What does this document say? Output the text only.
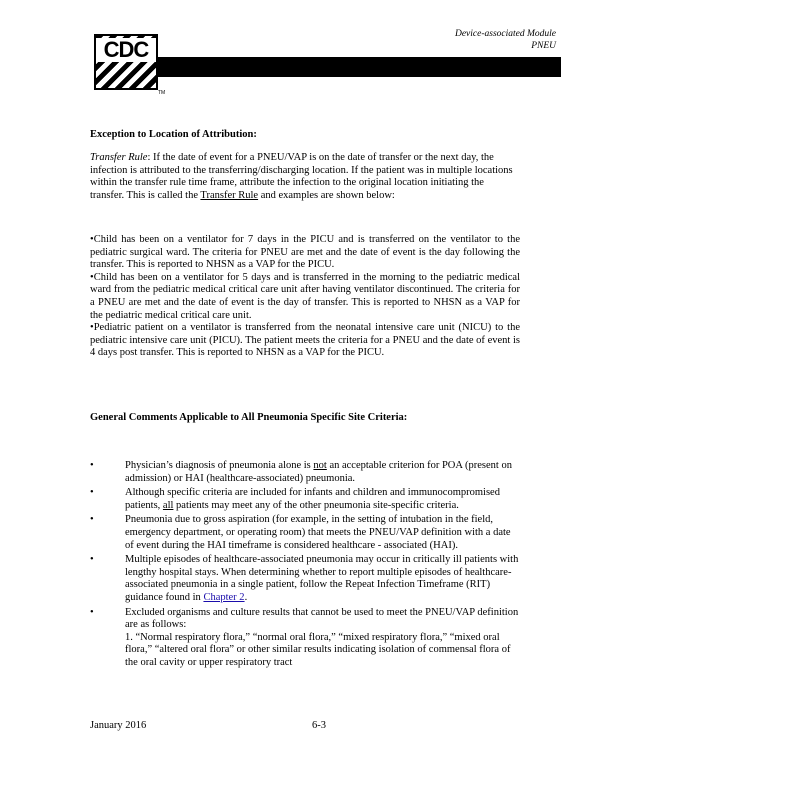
CDC
TM
Device-associated Module
PNEU
Exception to Location of Attribution:
Transfer Rule: If the date of event for a PNEU/VAP is on the date of transfer or the next day, the infection is attributed to the transferring/discharging location. If the patient was in multiple locations within the transfer rule time frame, attribute the infection to the original location initiating the transfer. This is called the Transfer Rule and examples are shown below:
•Child has been on a ventilator for 7 days in the PICU and is transferred on the ventilator to the pediatric surgical ward. The criteria for PNEU are met and the date of event is the day following the transfer. This is reported to NHSN as a VAP for the PICU.
•Child has been on a ventilator for 5 days and is transferred in the morning to the pediatric medical ward from the pediatric medical critical care unit after having ventilator discontinued. The criteria for a PNEU are met and the date of event is the day of transfer. This is reported to NHSN as a VAP for the pediatric medical critical care unit.
•Pediatric patient on a ventilator is transferred from the neonatal intensive care unit (NICU) to the pediatric intensive care unit (PICU). The patient meets the criteria for a PNEU and the date of event is 4 days post transfer. This is reported to NHSN as a VAP for the PICU.
General Comments Applicable to All Pneumonia Specific Site Criteria:
•	Physician’s diagnosis of pneumonia alone is not an acceptable criterion for POA (present on admission) or HAI (healthcare-associated) pneumonia.
•	Although specific criteria are included for infants and children and immunocompromised patients, all patients may meet any of the other pneumonia site-specific criteria.
•	Pneumonia due to gross aspiration (for example, in the setting of intubation in the field, emergency department, or operating room) that meets the PNEU/VAP definition with a date of event during the HAI timeframe is considered healthcare - associated (HAI).
•	Multiple episodes of healthcare-associated pneumonia may occur in critically ill patients with lengthy hospital stays. When determining whether to report multiple episodes of healthcare-associated pneumonia in a single patient, follow the Repeat Infection Timeframe (RIT) guidance found in Chapter 2.
•	Excluded organisms and culture results that cannot be used to meet the PNEU/VAP definition are as follows:
1. “Normal respiratory flora,” “normal oral flora,” “mixed respiratory flora,” “mixed oral flora,” “altered oral flora” or other similar results indicating isolation of commensal flora of the oral cavity or upper respiratory tract
January 2016	6-3
